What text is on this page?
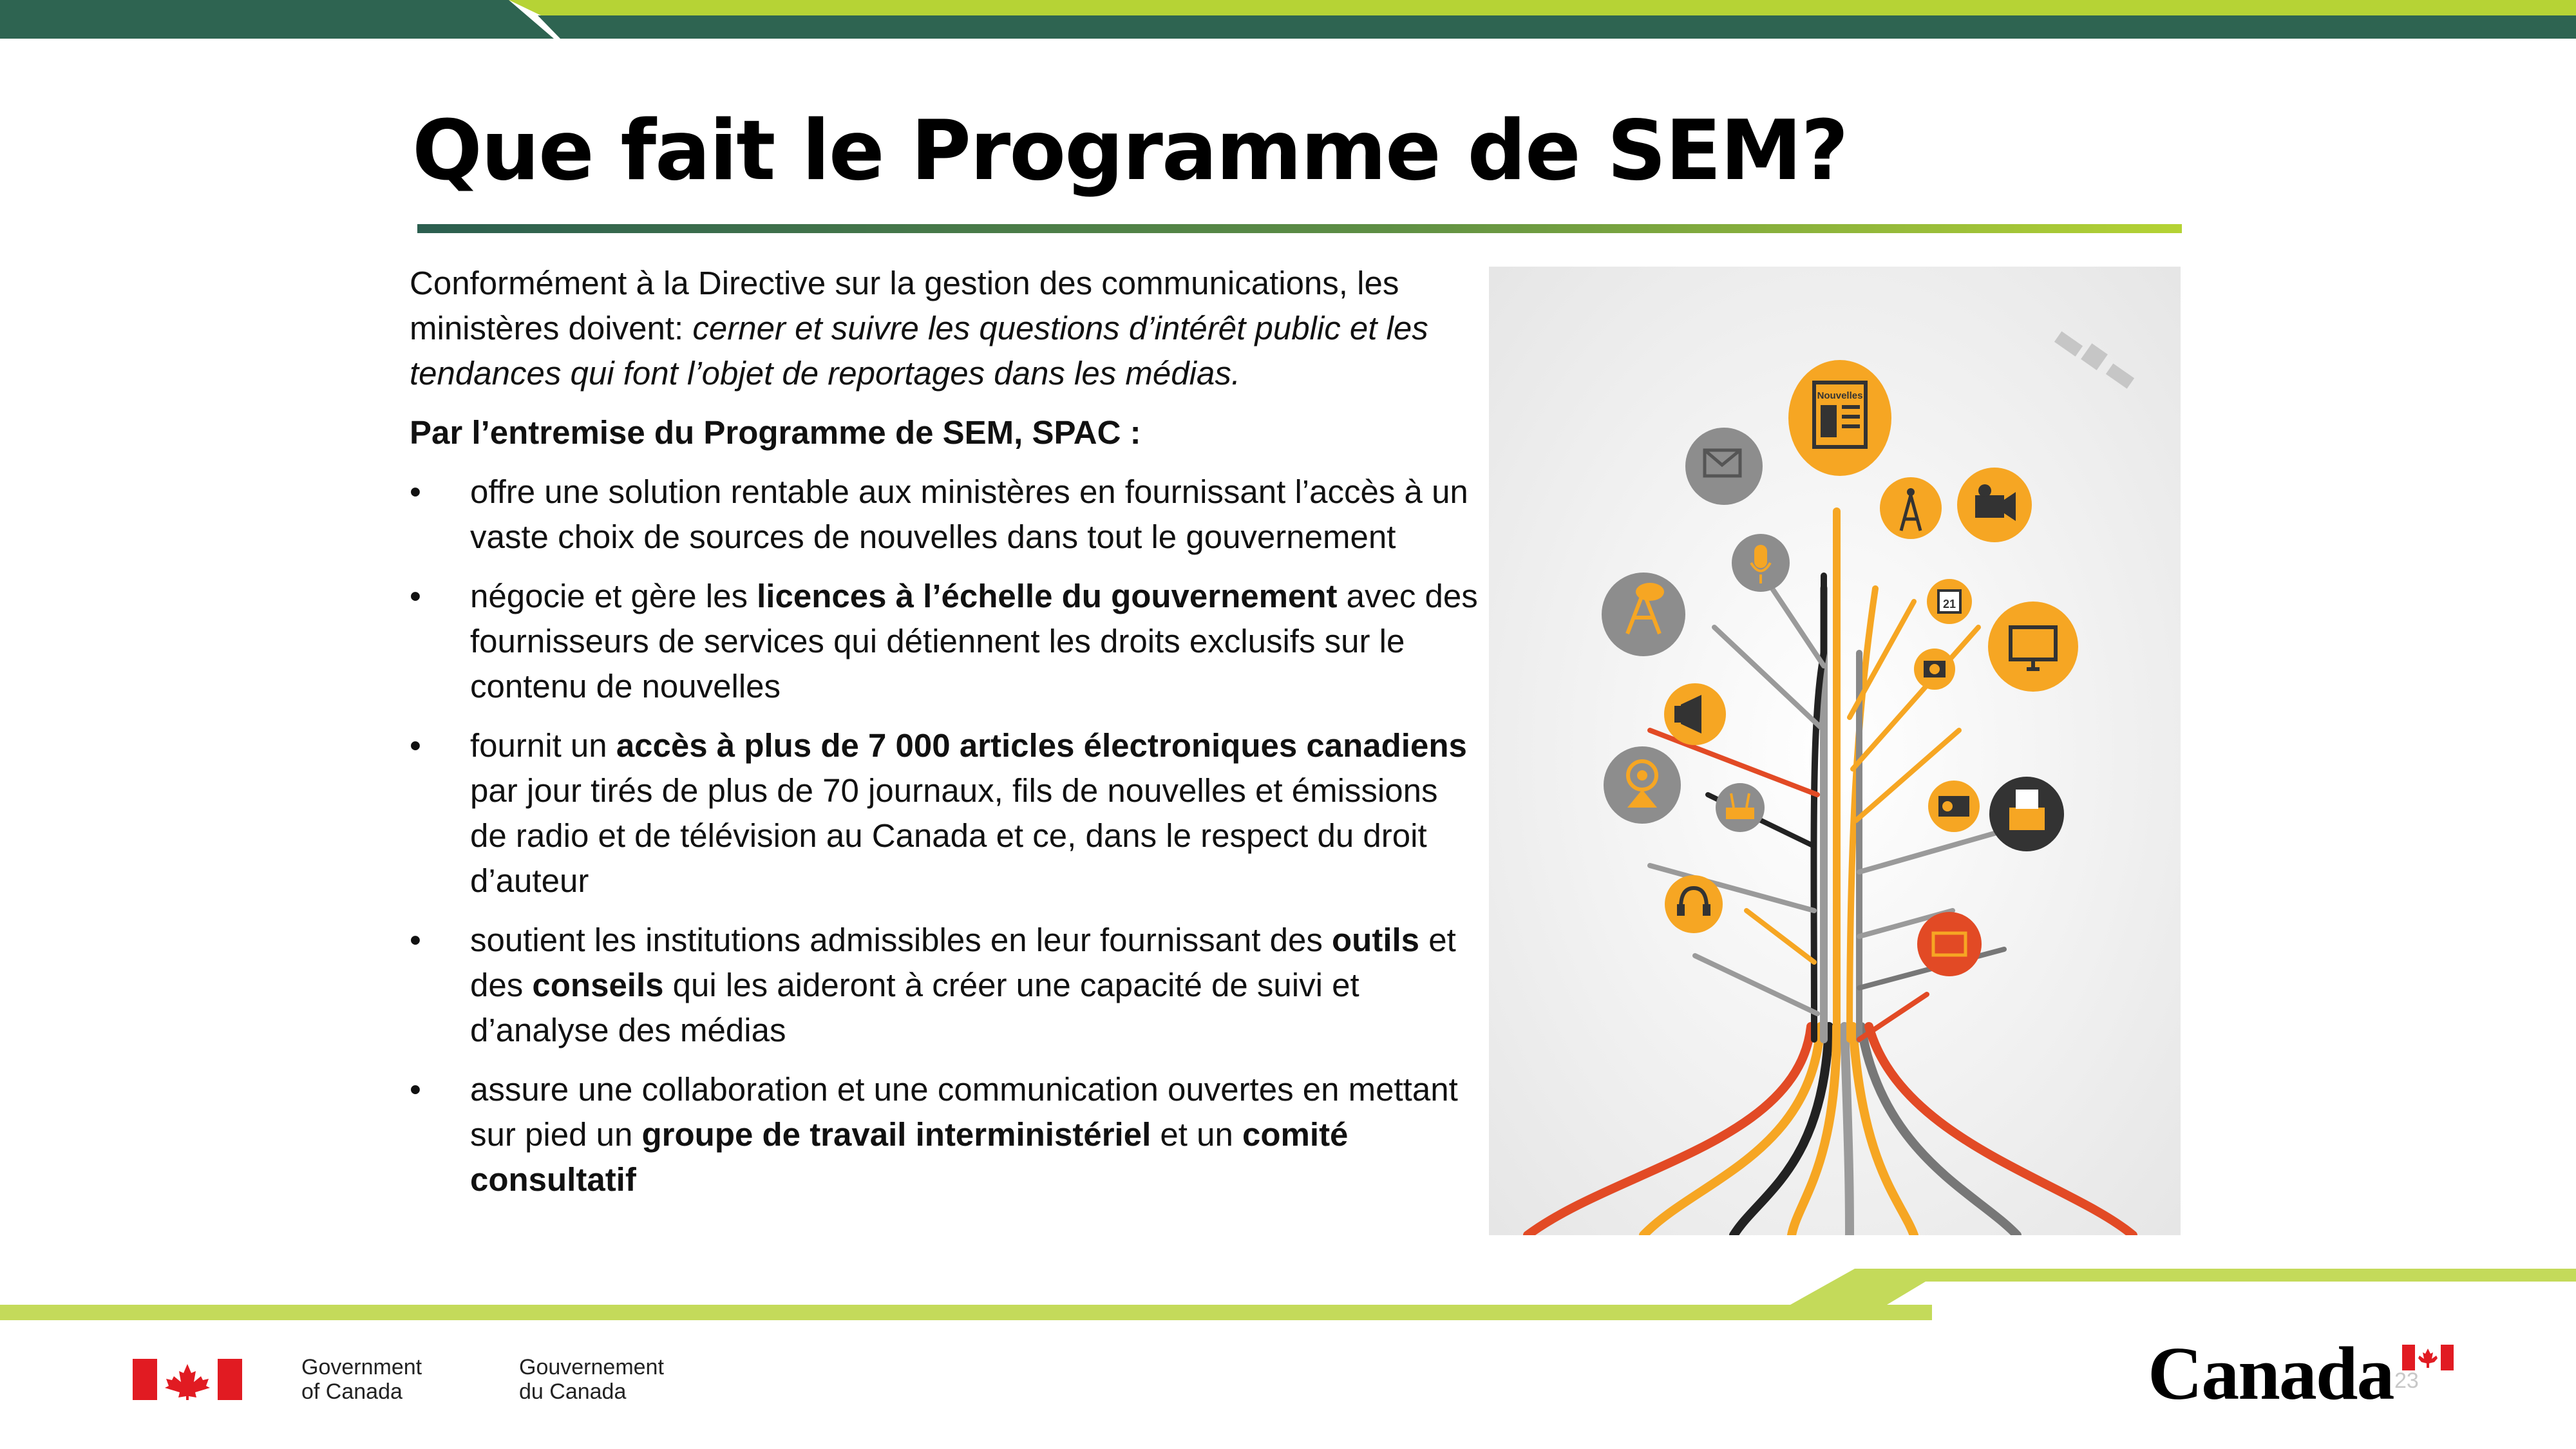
Que fait le Programme de SEM?

Conformément à la Directive sur la gestion des communications, les ministères doivent: cerner et suivre les questions d’intérêt public et les tendances qui font l’objet de reportages dans les médias.

Par l’entremise du Programme de SEM, SPAC :

• offre une solution rentable aux ministères en fournissant l’accès à un vaste choix de sources de nouvelles dans tout le gouvernement
• négocie et gère les licences à l’échelle du gouvernement avec des fournisseurs de services qui détiennent les droits exclusifs sur le contenu de nouvelles
• fournit un accès à plus de 7 000 articles électroniques canadiens par jour tirés de plus de 70 journaux, fils de nouvelles et émissions de radio et de télévision au Canada et ce, dans le respect du droit d’auteur
• soutient les institutions admissibles en leur fournissant des outils et des conseils qui les aideront à créer une capacité de suivi et d’analyse des médias
• assure une collaboration et une communication ouvertes en mettant sur pied un groupe de travail interministériel et un comité consultatif
Nouvelles
21
Government
of Canada
Gouvernement
du Canada	Canada 23
